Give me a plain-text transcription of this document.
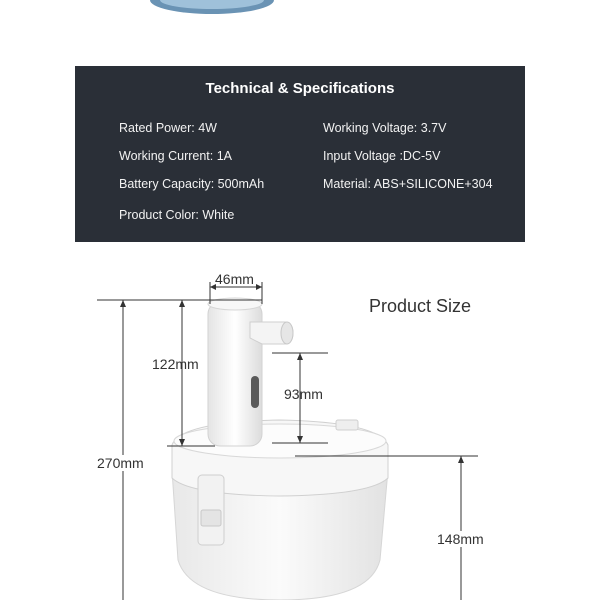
Technical & Specifications
Rated Power: 4W	Working Voltage: 3.7V
Working Current: 1A	Input Voltage :DC-5V
Battery Capacity: 500mAh	Material: ABS+SILICONE+304
Product Color: White
Product Size
46mm
122mm
93mm
270mm
148mm
